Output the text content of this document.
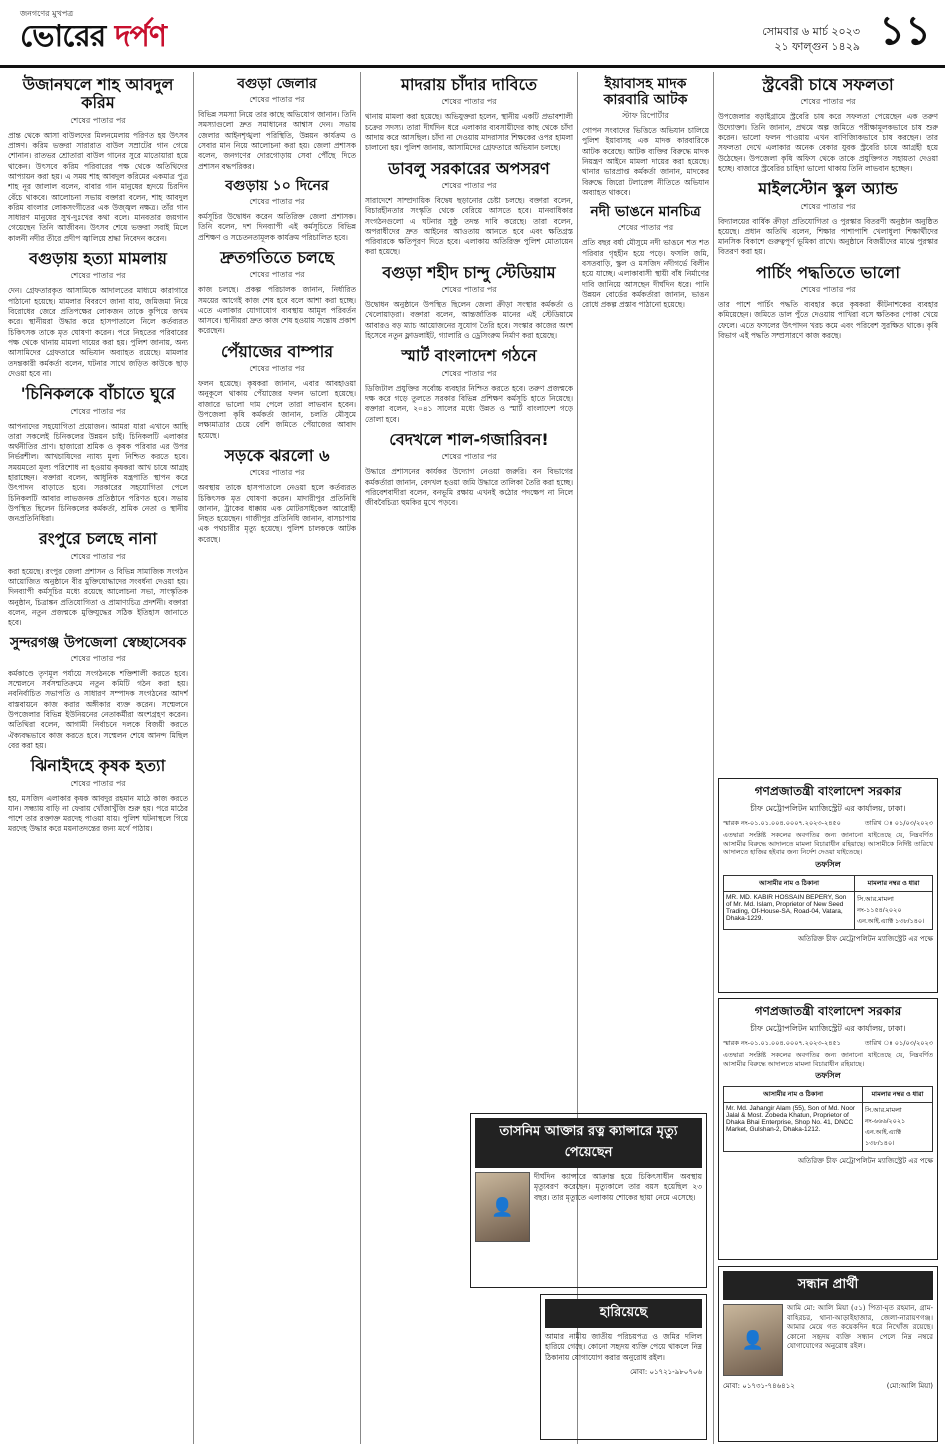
জনগণের মুখপত্র
ভোরের দর্পণ	সোমবার ৬ মার্চ ২০২৩
২১ ফাল্গুন ১৪২৯ ১১
উজানঘলে শাহ আবদুল করিম
শেষের পাতার পর
প্রান্ত থেকে আসা বাউলদের মিলনমেলায় পরিণত হয় উৎসব প্রাঙ্গণ। করিম ভক্তরা সারারাত বাউল সম্রাটের গান গেয়ে শোনান। রাতভর শ্রোতারা বাউল গানের সুরে মাতোয়ারা হয়ে থাকেন। উৎসবে করিম পরিবারের পক্ষ থেকে অতিথিদের আপ্যায়ন করা হয়। এ সময় শাহ আবদুল করিমের একমাত্র পুত্র শাহ নূর জালাল বলেন, বাবার গান মানুষের হৃদয়ে চিরদিন বেঁচে থাকবে। আলোচনা সভায় বক্তারা বলেন, শাহ আবদুল করিম বাংলার লোকসংগীতের এক উজ্জ্বল নক্ষত্র। তাঁর গান সাধারণ মানুষের সুখ-দুঃখের কথা বলে। মানবতার জয়গান গেয়েছেন তিনি আজীবন। উৎসব শেষে ভক্তরা সবাই মিলে কালনী নদীর তীরে প্রদীপ জ্বালিয়ে শ্রদ্ধা নিবেদন করেন।
বগুড়ায় হত্যা মামলায়
শেষের পাতার পর
দেন। গ্রেফতারকৃত আসামিকে আদালতের মাধ্যমে কারাগারে পাঠানো হয়েছে। মামলার বিবরণে জানা যায়, জমিজমা নিয়ে বিরোধের জেরে প্রতিপক্ষের লোকজন তাকে কুপিয়ে জখম করে। স্থানীয়রা উদ্ধার করে হাসপাতালে নিলে কর্তব্যরত চিকিৎসক তাকে মৃত ঘোষণা করেন। পরে নিহতের পরিবারের পক্ষ থেকে থানায় মামলা দায়ের করা হয়। পুলিশ জানায়, অন্য আসামিদের গ্রেফতারে অভিযান অব্যাহত রয়েছে। মামলার তদন্তকারী কর্মকর্তা বলেন, ঘটনার সাথে জড়িত কাউকে ছাড় দেওয়া হবে না।
'চিনিকলকে বাঁচাতে ঘুরে
শেষের পাতার পর
আপনাদের সহযোগিতা প্রয়োজন। আমরা যারা এখানে আছি তারা সকলেই চিনিকলের উন্নয়ন চাই। চিনিকলটি এলাকার অর্থনীতির প্রাণ। হাজারো শ্রমিক ও কৃষক পরিবার এর উপর নির্ভরশীল। আখচাষিদের ন্যায্য মূল্য নিশ্চিত করতে হবে। সময়মতো মূল্য পরিশোধ না হওয়ায় কৃষকরা আখ চাষে আগ্রহ হারাচ্ছেন। বক্তারা বলেন, আধুনিক যন্ত্রপাতি স্থাপন করে উৎপাদন বাড়াতে হবে। সরকারের সহযোগিতা পেলে চিনিকলটি আবার লাভজনক প্রতিষ্ঠানে পরিণত হবে। সভায় উপস্থিত ছিলেন চিনিকলের কর্মকর্তা, শ্রমিক নেতা ও স্থানীয় জনপ্রতিনিধিরা।
রংপুরে চলছে নানা
শেষের পাতার পর
করা হয়েছে। রংপুর জেলা প্রশাসন ও বিভিন্ন সামাজিক সংগঠন আয়োজিত অনুষ্ঠানে বীর মুক্তিযোদ্ধাদের সংবর্ধনা দেওয়া হয়। দিনব্যাপী কর্মসূচির মধ্যে রয়েছে আলোচনা সভা, সাংস্কৃতিক অনুষ্ঠান, চিত্রাঙ্কন প্রতিযোগিতা ও প্রামাণ্যচিত্র প্রদর্শনী। বক্তারা বলেন, নতুন প্রজন্মকে মুক্তিযুদ্ধের সঠিক ইতিহাস জানাতে হবে।
সুন্দরগঞ্জ উপজেলা স্বেচ্ছাসেবক
শেষের পাতার পর
কর্মকাণ্ডে তৃণমূল পর্যায়ে সংগঠনকে শক্তিশালী করতে হবে। সম্মেলনে সর্বসম্মতিক্রমে নতুন কমিটি গঠন করা হয়। নবনির্বাচিত সভাপতি ও সাধারণ সম্পাদক সংগঠনের আদর্শ বাস্তবায়নে কাজ করার অঙ্গীকার ব্যক্ত করেন। সম্মেলনে উপজেলার বিভিন্ন ইউনিয়নের নেতাকর্মীরা অংশগ্রহণ করেন। অতিথিরা বলেন, আগামী নির্বাচনে দলকে বিজয়ী করতে ঐক্যবদ্ধভাবে কাজ করতে হবে। সম্মেলন শেষে আনন্দ মিছিল বের করা হয়।
ঝিনাইদহে কৃষক হত্যা
শেষের পাতার পর
হয়, মসজিদ এলাকার কৃষক আবদুর রহমান মাঠে কাজ করতে যান। সন্ধ্যায় বাড়ি না ফেরায় খোঁজাখুঁজি শুরু হয়। পরে মাঠের পাশে তার রক্তাক্ত মরদেহ পাওয়া যায়। পুলিশ ঘটনাস্থলে গিয়ে মরদেহ উদ্ধার করে ময়নাতদন্তের জন্য মর্গে পাঠায়।
বগুড়া জেলার
শেষের পাতার পর
বিভিন্ন সমস্যা নিয়ে তার কাছে অভিযোগ জানান। তিনি সমস্যাগুলো দ্রুত সমাধানের আশ্বাস দেন। সভায় জেলার আইনশৃঙ্খলা পরিস্থিতি, উন্নয়ন কার্যক্রম ও সেবার মান নিয়ে আলোচনা করা হয়। জেলা প্রশাসক বলেন, জনগণের দোরগোড়ায় সেবা পৌঁছে দিতে প্রশাসন বদ্ধপরিকর।
বগুড়ায় ১০ দিনের
শেষের পাতার পর
কর্মসূচির উদ্বোধন করেন অতিরিক্ত জেলা প্রশাসক। তিনি বলেন, দশ দিনব্যাপী এই কর্মসূচিতে বিভিন্ন প্রশিক্ষণ ও সচেতনতামূলক কার্যক্রম পরিচালিত হবে।
দ্রুতগতিতে চলছে
শেষের পাতার পর
কাজ চলছে। প্রকল্প পরিচালক জানান, নির্ধারিত সময়ের আগেই কাজ শেষ হবে বলে আশা করা হচ্ছে। এতে এলাকার যোগাযোগ ব্যবস্থায় আমূল পরিবর্তন আসবে। স্থানীয়রা দ্রুত কাজ শেষ হওয়ায় সন্তোষ প্রকাশ করেছেন।
পেঁয়াজের বাম্পার
শেষের পাতার পর
ফলন হয়েছে। কৃষকরা জানান, এবার আবহাওয়া অনুকূলে থাকায় পেঁয়াজের ফলন ভালো হয়েছে। বাজারে ভালো দাম পেলে তারা লাভবান হবেন। উপজেলা কৃষি কর্মকর্তা জানান, চলতি মৌসুমে লক্ষ্যমাত্রার চেয়ে বেশি জমিতে পেঁয়াজের আবাদ হয়েছে।
সড়কে ঝরলো ৬
শেষের পাতার পর
অবস্থায় তাকে হাসপাতালে নেওয়া হলে কর্তব্যরত চিকিৎসক মৃত ঘোষণা করেন। মাদারীপুর প্রতিনিধি জানান, ট্রাকের ধাক্কায় এক মোটরসাইকেল আরোহী নিহত হয়েছেন। গাজীপুর প্রতিনিধি জানান, বাসচাপায় এক পথচারীর মৃত্যু হয়েছে। পুলিশ চালককে আটক করেছে।
মাদরায় চাঁদার দাবিতে
শেষের পাতার পর
থানায় মামলা করা হয়েছে। অভিযুক্তরা হলেন, স্থানীয় একটি প্রভাবশালী চক্রের সদস্য। তারা দীর্ঘদিন ধরে এলাকার ব্যবসায়ীদের কাছ থেকে চাঁদা আদায় করে আসছিল। চাঁদা না দেওয়ায় মাদরাসার শিক্ষকের ওপর হামলা চালানো হয়। পুলিশ জানায়, আসামিদের গ্রেফতারে অভিযান চলছে।
ডাবলু সরকারের অপসরণ
শেষের পাতার পর
সারাদেশে সাম্প্রদায়িক বিদ্বেষ ছড়ানোর চেষ্টা চলছে। বক্তারা বলেন, বিচারহীনতার সংস্কৃতি থেকে বেরিয়ে আসতে হবে। মানবাধিকার সংগঠনগুলো এ ঘটনার সুষ্ঠু তদন্ত দাবি করেছে। তারা বলেন, অপরাধীদের দ্রুত আইনের আওতায় আনতে হবে এবং ক্ষতিগ্রস্ত পরিবারকে ক্ষতিপূরণ দিতে হবে। এলাকায় অতিরিক্ত পুলিশ মোতায়েন করা হয়েছে।
বগুড়া শহীদ চান্দু স্টেডিয়াম
শেষের পাতার পর
উদ্বোধন অনুষ্ঠানে উপস্থিত ছিলেন জেলা ক্রীড়া সংস্থার কর্মকর্তা ও খেলোয়াড়রা। বক্তারা বলেন, আন্তর্জাতিক মানের এই স্টেডিয়ামে আবারও বড় ম্যাচ আয়োজনের সুযোগ তৈরি হবে। সংস্কার কাজের অংশ হিসেবে নতুন ফ্লাডলাইট, গ্যালারি ও ড্রেসিংরুম নির্মাণ করা হয়েছে।
স্মার্ট বাংলাদেশ গঠনে
শেষের পাতার পর
ডিজিটাল প্রযুক্তির সর্বোচ্চ ব্যবহার নিশ্চিত করতে হবে। তরুণ প্রজন্মকে দক্ষ করে গড়ে তুলতে সরকার বিভিন্ন প্রশিক্ষণ কর্মসূচি হাতে নিয়েছে। বক্তারা বলেন, ২০৪১ সালের মধ্যে উন্নত ও স্মার্ট বাংলাদেশ গড়ে তোলা হবে।
বেদখলে শাল-গজারিবন!
শেষের পাতার পর
উদ্ধারে প্রশাসনের কার্যকর উদ্যোগ নেওয়া জরুরি। বন বিভাগের কর্মকর্তারা জানান, বেদখল হওয়া জমি উদ্ধারে তালিকা তৈরি করা হচ্ছে। পরিবেশবাদীরা বলেন, বনভূমি রক্ষায় এখনই কঠোর পদক্ষেপ না নিলে জীববৈচিত্র্য হুমকির মুখে পড়বে।
ইয়াবাসহ মাদক কারবারি আটক
স্টাফ রিপোর্টার
গোপন সংবাদের ভিত্তিতে অভিযান চালিয়ে পুলিশ ইয়াবাসহ এক মাদক কারবারিকে আটক করেছে। আটক ব্যক্তির বিরুদ্ধে মাদক নিয়ন্ত্রণ আইনে মামলা দায়ের করা হয়েছে। থানার ভারপ্রাপ্ত কর্মকর্তা জানান, মাদকের বিরুদ্ধে জিরো টলারেন্স নীতিতে অভিযান অব্যাহত থাকবে।
নদী ভাঙনে মানচিত্র
শেষের পাতার পর
প্রতি বছর বর্ষা মৌসুমে নদী ভাঙনে শত শত পরিবার গৃহহীন হয়ে পড়ে। ফসলি জমি, বসতবাড়ি, স্কুল ও মসজিদ নদীগর্ভে বিলীন হয়ে যাচ্ছে। এলাকাবাসী স্থায়ী বাঁধ নির্মাণের দাবি জানিয়ে আসছেন দীর্ঘদিন ধরে। পানি উন্নয়ন বোর্ডের কর্মকর্তারা জানান, ভাঙন রোধে প্রকল্প প্রস্তাব পাঠানো হয়েছে।
তাসনিম আক্তার রত্ন ক্যান্সারে মৃত্যু পেয়েছেন
👤
দীর্ঘদিন ক্যান্সারে আক্রান্ত হয়ে চিকিৎসাধীন অবস্থায় মৃত্যুবরণ করেছেন। মৃত্যুকালে তার বয়স হয়েছিল ২৩ বছর। তার মৃত্যুতে এলাকায় শোকের ছায়া নেমে এসেছে।
হারিয়েছে
আমার নামীয় জাতীয় পরিচয়পত্র ও জমির দলিল হারিয়ে গেছে। কোনো সহৃদয় ব্যক্তি পেয়ে থাকলে নিম্ন ঠিকানায় যোগাযোগ করার অনুরোধ রইল।
মোবা: ০১৭২১-৯৮০৭০৬
স্ট্রবেরী চাষে সফলতা
শেষের পাতার পর
উপজেলার বড়াইগ্রামে স্ট্রবেরি চাষ করে সফলতা পেয়েছেন এক তরুণ উদ্যোক্তা। তিনি জানান, প্রথমে অল্প জমিতে পরীক্ষামূলকভাবে চাষ শুরু করেন। ভালো ফলন পাওয়ায় এখন বাণিজ্যিকভাবে চাষ করছেন। তার সফলতা দেখে এলাকার অনেক বেকার যুবক স্ট্রবেরি চাষে আগ্রহী হয়ে উঠেছেন। উপজেলা কৃষি অফিস থেকে তাকে প্রযুক্তিগত সহায়তা দেওয়া হচ্ছে। বাজারে স্ট্রবেরির চাহিদা ভালো থাকায় তিনি লাভবান হচ্ছেন।
মাইলস্টোন স্কুল অ্যান্ড
শেষের পাতার পর
বিদ্যালয়ের বার্ষিক ক্রীড়া প্রতিযোগিতা ও পুরস্কার বিতরণী অনুষ্ঠান অনুষ্ঠিত হয়েছে। প্রধান অতিথি বলেন, শিক্ষার পাশাপাশি খেলাধুলা শিক্ষার্থীদের মানসিক বিকাশে গুরুত্বপূর্ণ ভূমিকা রাখে। অনুষ্ঠানে বিজয়ীদের মাঝে পুরস্কার বিতরণ করা হয়।
পার্চিং পদ্ধতিতে ভালো
শেষের পাতার পর
তার পাশে পার্চিং পদ্ধতি ব্যবহার করে কৃষকরা কীটনাশকের ব্যবহার কমিয়েছেন। জমিতে ডাল পুঁতে দেওয়ায় পাখিরা বসে ক্ষতিকর পোকা খেয়ে ফেলে। এতে ফসলের উৎপাদন খরচ কমে এবং পরিবেশ সুরক্ষিত থাকে। কৃষি বিভাগ এই পদ্ধতি সম্প্রসারণে কাজ করছে।
গণপ্রজাতন্ত্রী বাংলাদেশ সরকার
চীফ মেট্রোপলিটন ম্যাজিস্ট্রেট এর কার্যালয়, ঢাকা।
স্মারক নং-০১.০১.০০৪.০০০৭.২০২৩-২৪৫০	তারিখ ঃ ০১/০৩/২০২৩
এতদ্বারা সংশ্লিষ্ট সকলের অবগতির জন্য জানানো যাইতেছে যে, নিম্নবর্ণিত আসামীর বিরুদ্ধে আদালতে মামলা বিচারাধীন রহিয়াছে। আসামীকে নির্দিষ্ট তারিখে আদালতে হাজির হইবার জন্য নির্দেশ দেওয়া যাইতেছে।
তফসিল
আসামীর নাম ও ঠিকানা	মামলার নম্বর ও ধারা
MR. MD. KABIR HOSSAIN BEPERY, Son of Mr. Md. Islam, Proprietor of New Seed Trading, Of-House-SA, Road-04, Vatara, Dhaka-1229.	সি.আর.মামলা নং-১১৫৪/২০২০ এন.আই.এ্যাক্ট ১৩৮/১৪০।
অতিরিক্ত চীফ মেট্রোপলিটন ম্যাজিস্ট্রেট এর পক্ষে
গণপ্রজাতন্ত্রী বাংলাদেশ সরকার
চীফ মেট্রোপলিটন ম্যাজিস্ট্রেট এর কার্যালয়, ঢাকা।
স্মারক নং-০১.০১.০০৪.০০০৭.২০২৩-২৪৫১	তারিখ ঃ ০১/০৩/২০২৩
এতদ্বারা সংশ্লিষ্ট সকলের অবগতির জন্য জানানো যাইতেছে যে, নিম্নবর্ণিত আসামীর বিরুদ্ধে আদালতে মামলা বিচারাধীন রহিয়াছে।
তফসিল
আসামীর নাম ও ঠিকানা	মামলার নম্বর ও ধারা
Mr. Md. Jahangir Alam (55), Son of Md. Noor Jalal & Most. Zobeda Khatun, Proprietor of Dhaka Bhai Enterprise, Shop No. 41, DNCC Market, Gulshan-2, Dhaka-1212.	সি.আর.মামলা নং-৬৬৬/২০২১ এন.আই.এ্যাক্ট ১৩৮/১৪০।
অতিরিক্ত চীফ মেট্রোপলিটন ম্যাজিস্ট্রেট এর পক্ষে
সন্ধান প্রার্থী
👤
আমি মো: আলি মিয়া (৫১) পিতা-মৃত রহমান, গ্রাম-বাহিরচর, থানা-আড়াইহাজার, জেলা-নারায়ণগঞ্জ। আমার মেয়ে গত কয়েকদিন ধরে নিখোঁজ রয়েছে। কোনো সহৃদয় ব্যক্তি সন্ধান পেলে নিম্ন নম্বরে যোগাযোগের অনুরোধ রইল।
মোবা: ০১৭৩১-৭৪৬৪১২	(মো:আলি মিয়া)
